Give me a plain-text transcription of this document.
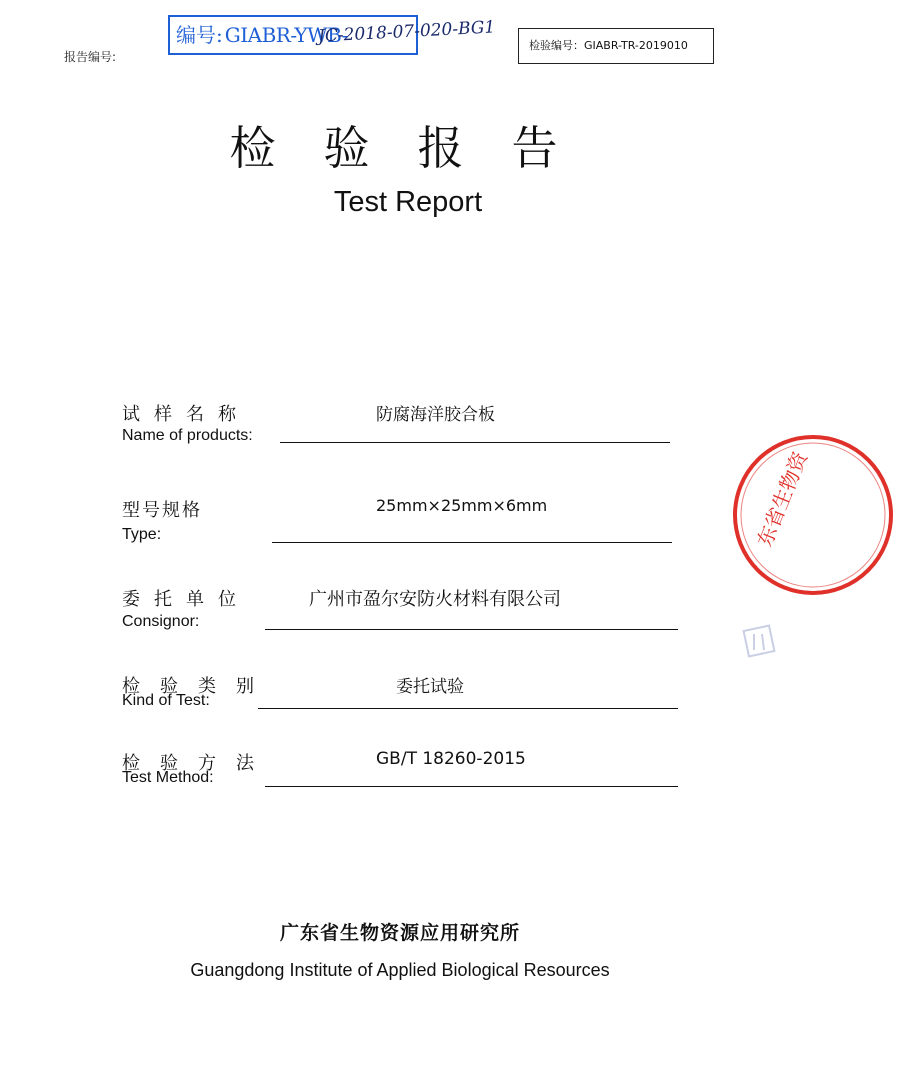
报告编号:
编号: GIABR-YWB-
JC-2018-07-020-BG1	检验编号：GIABR-TR-2019010
检验报告
Test Report
试样名称
Name of products:
防腐海洋胶合板
型号规格
Type:
25mm×25mm×6mm
委托单位
Consignor:
广州市盈尔安防火材料有限公司
检验类别
Kind of Test:
委托试验
检验方法
Test Method:
GB/T 18260-2015
广东省生物资源应用研究所
Guangdong Institute of Applied Biological Resources
东省生物资
